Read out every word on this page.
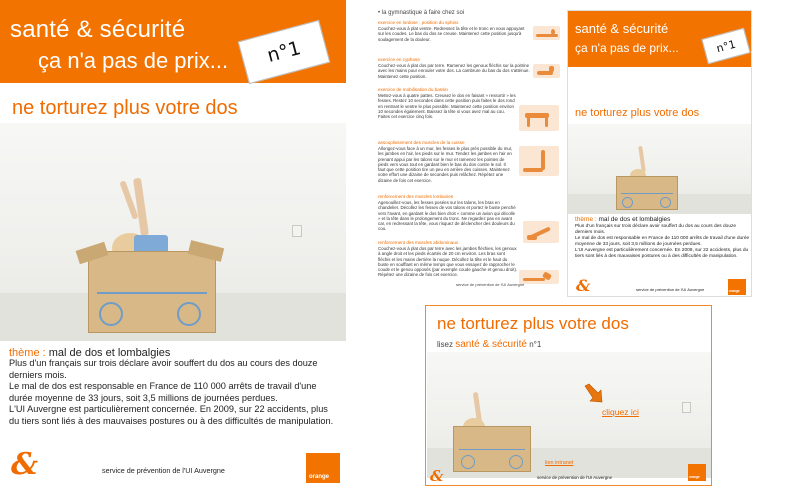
santé & sécurité
ça n'a pas de prix...	n°1
ne torturez plus votre dos
thème : mal de dos et lombalgies
Plus d'un français sur trois déclare avoir souffert du dos au cours des douze derniers mois.
Le mal de dos est responsable en France de 110 000 arrêts de travail d'une durée moyenne de 33 jours, soit 3,5 millions de journées perdues.
L'UI Auvergne est particulièrement concernée. En 2009, sur 22 accidents, plus du tiers sont liés à des mauvaises postures ou à des difficultés de manipulation.
&	service de prévention de l'UI Auvergne
orange
• la gymnastique à faire chez soi
exercice en lordose : position du sphinx
Couchez-vous à plat ventre. Redressez la tête et le tronc en vous appuyant sur les coudes. Le bas du dos se creuse. Maintenez cette position jusqu'à soulagement de la douleur.
exercice en cyphose
Couchez-vous à plat dos par terre. Ramenez les genoux fléchis sur la poitrine avec les mains pour enrouler votre dos. La cambrure du bas du dos s'atténue. Maintenez cette position.
exercice de mobilisation du bassin
Mettez-vous à quatre pattes. Creusez le dos en faisant « ressortir » les fesses. Restez 10 secondes dans cette position puis faites le dos rond en rentrant le ventre le plus possible. Maintenez cette position environ 10 secondes également. Baissez la tête si vous avez mal au cou. Faites cet exercice cinq fois.
assouplissement des muscles de la cuisse
Allongez-vous face à un mur, les fesses le plus près possible du mur, les jambes en l'air, les pieds sur le mur. Tendez les jambes en l'air en prenant appui par les talons sur le mur et ramenez les pointes de pieds vers vous tout en gardant bien le bas du dos contre le sol. Il faut que cette position tire un peu en arrière des cuisses. Maintenez votre effort une dizaine de secondes puis relâchez. Répétez une dizaine de fois cet exercice.
renforcement des muscles lombaires
Agenouillez-vous, les fesses posées sur les talons, les bras en chandelier. Décollez les fesses de vos talons et portez le buste penché vers l'avant, en gardant le dos bien droit « comme un avion qui décolle » et la tête dans le prolongement du tronc. Ne regardez pas en avant car, en redressant la tête, vous risquez de déclencher des douleurs du cou.
renforcement des muscles abdominaux
Couchez-vous à plat dos par terre avec les jambes fléchies, les genoux à angle droit et les pieds écartés de 20 cm environ. Les bras sont fléchis et les mains derrière la nuque. Décollez la tête et le haut du buste en soufflant en même temps que vous essayez de rapprocher le coude et le genou opposés (par exemple coude gauche et genou droit). Répétez une dizaine de fois cet exercice.
service de prévention de l'UI Auvergne
santé & sécurité
ça n'a pas de prix...	n°1
ne torturez plus votre dos
thème : mal de dos et lombalgies
Plus d'un français sur trois déclare avoir souffert du dos au cours des douze derniers mois.
Le mal de dos est responsable en France de 110 000 arrêts de travail d'une durée moyenne de 33 jours, soit 3,5 millions de journées perdues.
L'UI Auvergne est particulièrement concernée. En 2009, sur 22 accidents, plus du tiers sont liés à des mauvaises postures ou à des difficultés de manipulation.
&	service de prévention de l'UI Auvergne	orange
ne torturez plus votre dos
lisez santé & sécurité n°1
cliquez ici
lien intranet
&	service de prévention de l'UI Auvergne	orange
